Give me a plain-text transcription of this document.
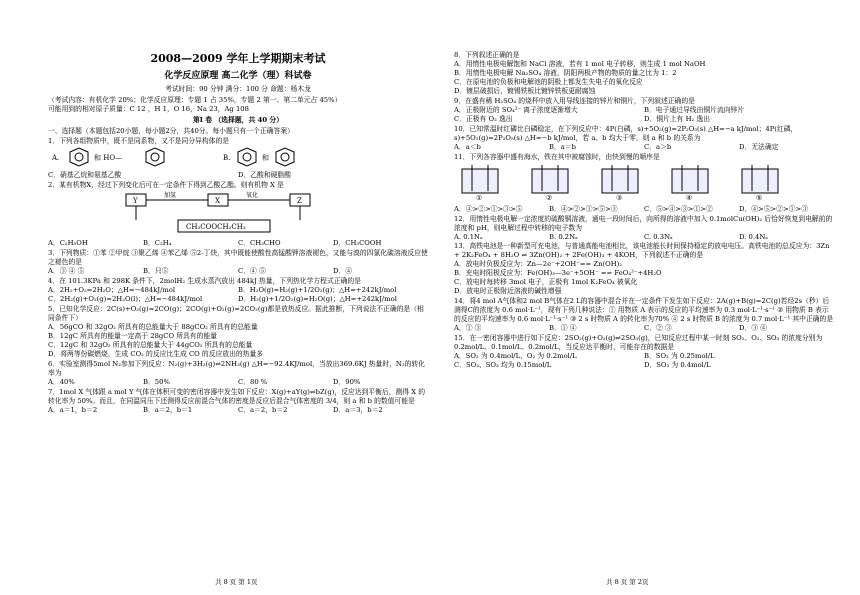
2008—2009 学年上学期期末考试
化学反应原理 高二化学（理）科试卷
考试时间：90 分钟 满分：100 分 命题：杨木龙
（考试内容：有机化学 20%；化学反应原理：专题 1 占 35%，专题 2 第一、第二单元占 45%）
可能用到的相对原子质量：C 12 ，H 1，O 16，Na 23，Ag 108
第Ⅰ 卷 （选择题，共 40 分）
一、选择题（本题包括20小题，每小题2分，共40分。每小题只有一个正确答案）
1．下列各组物质中，既不是同系物，又不是同分异构体的是
A.	和 HO—	B.	和
C．硝基乙烷和氨基乙酸	D．乙酸和硬脂酸
2．某有机物X，经过下列变化后可在一定条件下得到乙酸乙酯。则有机物 X 是
Y
加氢
X
氧化
Z
CH₃COOCH₂CH₃
A．C₂H₅OH	B．C₂H₄	C．CH₃CHO	D．CH₃COOH
3．下列物质：①苯 ②甲烷 ③聚乙烯 ④苯乙烯 ⑤2-丁炔，其中既能使酸性高锰酸钾溶液褪色，又能与溴的四氯化碳溶液反应使之褪色的是
A．③ ④ ⑤	B．只⑤	C．④ ⑤	D．④
4．在 101.3KPa 和 298K 条件下，2molH₂ 生成水蒸汽放出 484kJ 热量，下列热化学方程式正确的是
A．2H₂+O₂=2H₂O；△H=−484kJ/mol	B．H₂O(g)=H₂(g)+1/2O₂(g)；△H=+242kJ/mol
C．2H₂(g)+O₂(g)=2H₂O(l)；△H=−484kJ/mol	D．H₂(g)+1/2O₂(g)=H₂O(g)；△H=+242kJ/mol
5．已知化学反应：2C(s)+O₂(g)=2CO(g)；2CO(g)+O₂(g)=2CO₂(g)都是放热反应。据此推断，下列说法不正确的是（相同条件下）
A．56gCO 和 32gO₂ 所具有的总能量大于 88gCO₂ 所具有的总能量
B．12gC 所具有的能量一定高于 28gCO 所具有的能量
C．12gC 和 32gO₂ 所具有的总能量大于 44gCO₂ 所具有的总能量
D．将两等份碳燃烧，生成 CO₂ 的反应比生成 CO 的反应放出的热量多
6．实验室测得5mol N₂参加下列反应：N₂(g)+3H₂(g)⇌2NH₃(g) △H=−92.4KJ/mol，当放出369.6KJ 热量时，N₂的转化率为
A．40%	B．50%	C．80 %	D．90%
7．1mol X 气体跟 a mol Y 气体在体积可变的密闭容器中发生如下反应：X(g)+aY(g)⇌bZ(g)，反应达到平衡后，测得 X 的转化率为 50%。而且，在同温同压下还测得反应前混合气体的密度是反应后混合气体密度的 3/4，则 a 和 b 的数值可能是
A．a＝1，b＝2	B．a＝2，b＝1	C．a＝2，b＝2	D．a＝3，b＝2
8．下列叙述正确的是
A．用惰性电极电解饱和 NaCl 溶液，若有 1 mol 电子转移，则生成 1 mol NaOH
B．用惰性电极电解 Na₂SO₄ 溶液，阴阳两极产物的物质的量之比为 1：2
C．在原电池的负极和电解池的阴极上都发生失电子的氧化反应
D．镀层破损后，镀锡铁板比镀锌铁板更耐腐蚀
9．在盛有稀 H₂SO₄ 的烧杯中放入用导线连接的锌片和铜片，下列叙述正确的是
A．正极附近的 SO₄²⁻ 离子浓度逐渐增大	B．电子通过导线由铜片流向锌片
C．正极有 O₂ 逸出	D．铜片上有 H₂ 逸出
10．已知常温时红磷比白磷稳定，在下列反应中：4P(白磷，s)+5O₂(g)=2P₂O₅(s) △H=−a kJ/mol；4P(红磷，s)+5O₂(g)=2P₂O₅(s) △H=−b kJ/mol，若 a、b 均大于零，则 a 和 b 的关系为
A．a＜b	B．a＝b	C．a＞b	D．无法确定
11．下列各容器中盛有海水，铁在其中被腐蚀时，由快到慢的顺序是
①	②	③	④	⑤
A．④>②>①>③>⑤	B．④>②>①>⑤>③	C．⑤>④>③>①>②	D．④>⑤>②>①>③
12．用惰性电极电解一定浓度的硫酸铜溶液，通电一段时间后，向所得的溶液中加入 0.1molCu(OH)₂ 后恰好恢复到电解前的浓度和 pH，则电解过程中转移的电子数为
A. 0.1Nₐ	B. 0.2Nₐ	C. 0.3Nₐ	D. 0.4Nₐ
13．高铁电池是一种新型可充电池，与普通高能电池相比，该电池能长时间保持稳定的放电电压。高铁电池的总反应为：3Zn + 2K₂FeO₄ + 8H₂O ⇌ 3Zn(OH)₂ + 2Fe(OH)₃ + 4KOH，下列叙述不正确的是
A．放电时负极反应为：Zn—2e⁻+2OH⁻== Zn(OH)₂
B．充电时阳极反应为：Fe(OH)₃—3e⁻+5OH⁻ == FeO₄²⁻+4H₂O
C．放电时每转移 3mol 电子，正极有 1mol K₂FeO₄ 被氧化
D．放电时正极附近溶液的碱性增强
14．将4 mol A气体和2 mol B气体在2 L的容器中混合并在一定条件下发生如下反应：2A(g)+B(g)=2C(g)若经2s（秒）后测得C的浓度为 0.6 mol·L⁻¹，现有下列几种说法：① 用物质 A 表示的反应的平均速率为 0.3 mol·L⁻¹·s⁻¹ ② 用物质 B 表示的反应的平均速率为 0.6 mol·L⁻¹·s⁻¹ ③ 2 s 时物质 A 的转化率为70% ④ 2 s 时物质 B 的浓度为 0.7 mol·L⁻¹ 其中正确的是
A．① ③	B．① ④	C．② ③	D．③ ④
15．在一密闭容器中进行如下反应：2SO₂(g)+O₂(g)⇌2SO₃(g)，已知反应过程中某一时刻 SO₂、O₂、SO₃ 的浓度分别为 0.2mol/L、0.1mol/L、0.2mol/L，当反应达平衡时，可能存在的数据是
A．SO₂ 为 0.4mol/L、O₂ 为 0.2mol/L	B．SO₂ 为 0.25mol/L
C．SO₂、SO₃ 均为 0.15mol/L	D．SO₃ 为 0.4mol/L
共 8 页 第 1页	共 8 页 第 2页
